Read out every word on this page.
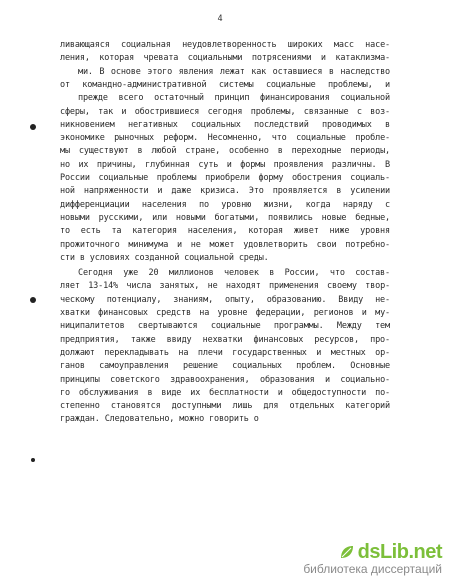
4
ливающаяся социальная неудовлетворенность широких масс насе-
ления, которая чревата социальными потрясениями и катаклизма-
ми. В основе этого явления лежат как оставшиеся в наследство
от командно-административной системы социальные проблемы, и
прежде всего остаточный принцип финансирования социальной
сферы, так и обострившиеся сегодня проблемы, связанные с воз-
никновением негативных социальных последствий проводимых в
экономике рыночных реформ. Несомненно, что социальные пробле-
мы существуют в любой стране, особенно в переходные периоды,
но их причины, глубинная суть и формы проявления различны. В
России социальные проблемы приобрели форму обострения социаль-
ной напряженности и даже кризиса. Это проявляется в усилении
дифференциации населения по уровню жизни, когда наряду с
новыми русскими, или новыми богатыми, появились новые бедные,
то есть та категория населения, которая живет ниже уровня
прожиточного минимума и не может удовлетворить свои потребно-
сти в условиях созданной социальной среды.
Сегодня уже 20 миллионов человек в России, что состав-
ляет 13-14% числа занятых, не находят применения своему твор-
ческому потенциалу, знаниям, опыту, образованию. Ввиду не-
хватки финансовых средств на уровне федерации, регионов и му-
ниципалитетов свертываются социальные программы. Между тем
предприятия, также ввиду нехватки финансовых ресурсов, про-
должают перекладывать на плечи государственных и местных ор-
ганов самоуправления решение социальных проблем. Основные
принципы советского здравоохранения, образования и социально-
го обслуживания в виде их бесплатности и общедоступности по-
степенно становятся доступными лишь для отдельных категорий
граждан. Следовательно, можно говорить о
dsLib.net
библиотека диссертаций
